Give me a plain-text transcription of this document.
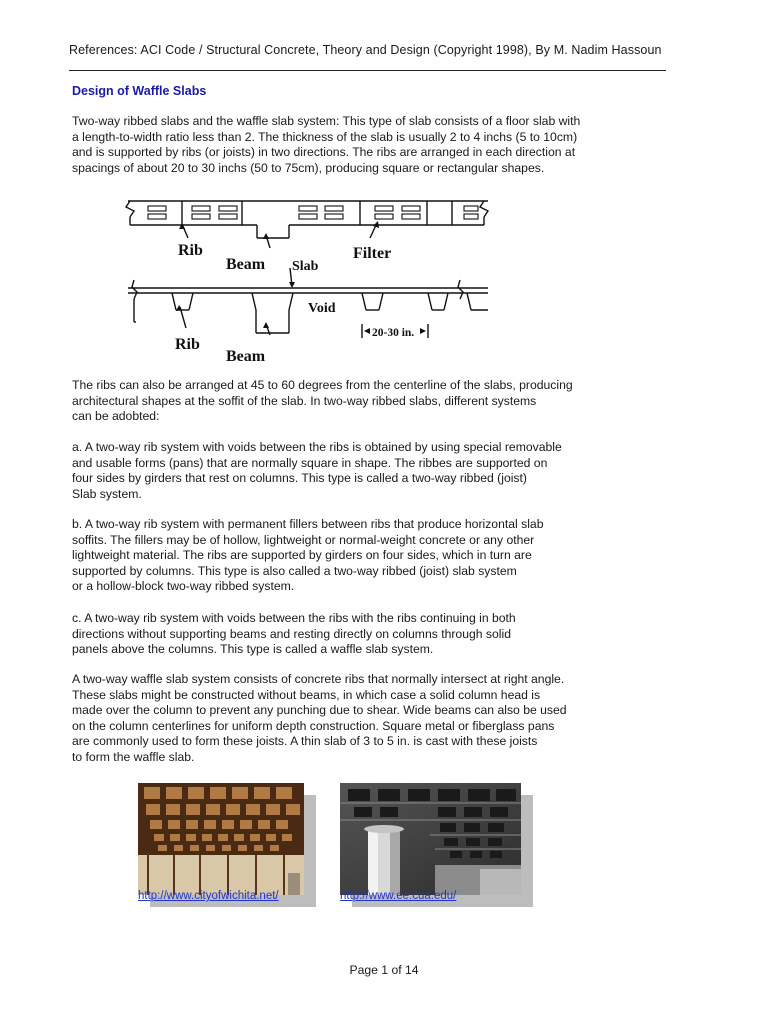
References: ACI Code / Structural Concrete, Theory and Design (Copyright 1998), By M. Nadim Hassoun
Design of Waffle Slabs
Two-way ribbed slabs and the waffle slab system: This type of slab consists of a floor slab with
a length-to-width ratio less than 2. The thickness of the slab is usually 2 to 4 inchs (5 to 10cm)
and is supported by ribs (or joists) in two directions. The ribs are arranged in each direction at
spacings of about 20 to 30 inchs (50 to 75cm), producing square or rectangular shapes.
Rib
Beam
Filter
Slab
Void
Rib
Beam
20-30 in.
The ribs can also be arranged at 45 to 60 degrees from the centerline of the slabs, producing
architectural shapes at the soffit of the slab. In two-way ribbed slabs, different systems
can be adobted:
a. A two-way rib system with voids between the ribs is obtained by using special removable
and usable forms (pans) that are normally square in shape. The ribbes are supported on
four sides by girders that rest on columns. This type is called a two-way ribbed (joist)
Slab system.
b. A two-way rib system with permanent fillers between ribs that produce horizontal slab
soffits. The fillers may be of hollow, lightweight or normal-weight concrete or any other
lightweight material. The ribs are supported by girders on four sides, which in turn are
supported by columns. This type is also called a two-way ribbed (joist) slab system
or a hollow-block two-way ribbed system.
c. A two-way rib system with voids between the ribs with the ribs continuing in both
directions without supporting beams and resting directly on columns through solid
panels above the columns. This type is called a waffle slab system.
A two-way waffle slab system consists of concrete ribs that normally intersect at right angle.
These slabs might be constructed without beams, in which case a solid column head is
made over the column to prevent any punching due to shear. Wide beams can also be used
on the column centerlines for uniform depth construction. Square metal or fiberglass pans
are commonly used to form these joists. A thin slab of 3 to 5 in. is cast with these joists
to form the waffle slab.
http://www.cityofwichita.net/	http://www.ee.cua.edu/
Page 1 of 14
